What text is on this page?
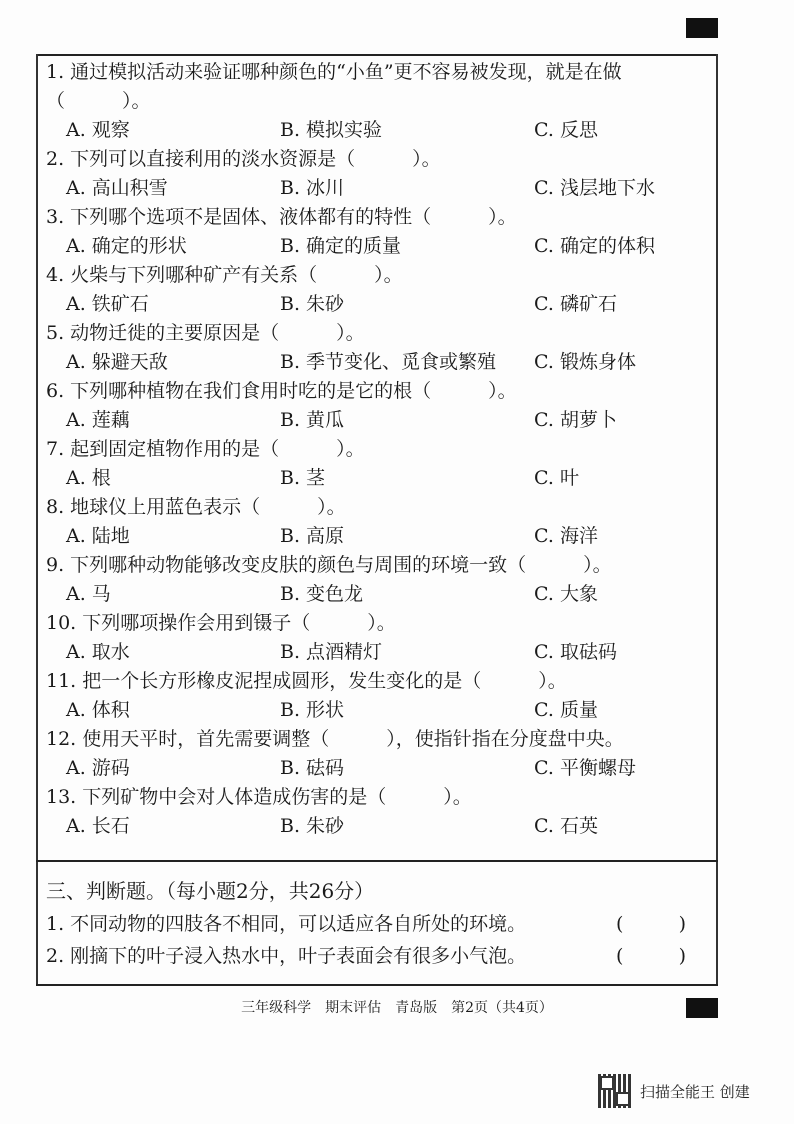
1. 通过模拟活动来验证哪种颜色的“小鱼”更不容易被发现，就是在做（　　　）。
A. 观察	B. 模拟实验	C. 反思
2. 下列可以直接利用的淡水资源是（　　　）。
A. 高山积雪	B. 冰川	C. 浅层地下水
3. 下列哪个选项不是固体、液体都有的特性（　　　）。
A. 确定的形状	B. 确定的质量	C. 确定的体积
4. 火柴与下列哪种矿产有关系（　　　）。
A. 铁矿石	B. 朱砂	C. 磷矿石
5. 动物迁徙的主要原因是（　　　）。
A. 躲避天敌	B. 季节变化、觅食或繁殖	C. 锻炼身体
6. 下列哪种植物在我们食用时吃的是它的根（　　　）。
A. 莲藕	B. 黄瓜	C. 胡萝卜
7. 起到固定植物作用的是（　　　）。
A. 根	B. 茎	C. 叶
8. 地球仪上用蓝色表示（　　　）。
A. 陆地	B. 高原	C. 海洋
9. 下列哪种动物能够改变皮肤的颜色与周围的环境一致（　　　）。
A. 马	B. 变色龙	C. 大象
10. 下列哪项操作会用到镊子（　　　）。
A. 取水	B. 点酒精灯	C. 取砝码
11. 把一个长方形橡皮泥捏成圆形，发生变化的是（　　　）。
A. 体积	B. 形状	C. 质量
12. 使用天平时，首先需要调整（　　　），使指针指在分度盘中央。
A. 游码	B. 砝码	C. 平衡螺母
13. 下列矿物中会对人体造成伤害的是（　　　）。
A. 长石	B. 朱砂	C. 石英
三、判断题。（每小题2分，共26分）
1. 不同动物的四肢各不相同，可以适应各自所处的环境。	(	)
2. 刚摘下的叶子浸入热水中，叶子表面会有很多小气泡。	(	)
三年级科学　期末评估　青岛版　第2页（共4页）
扫描全能王 创建
